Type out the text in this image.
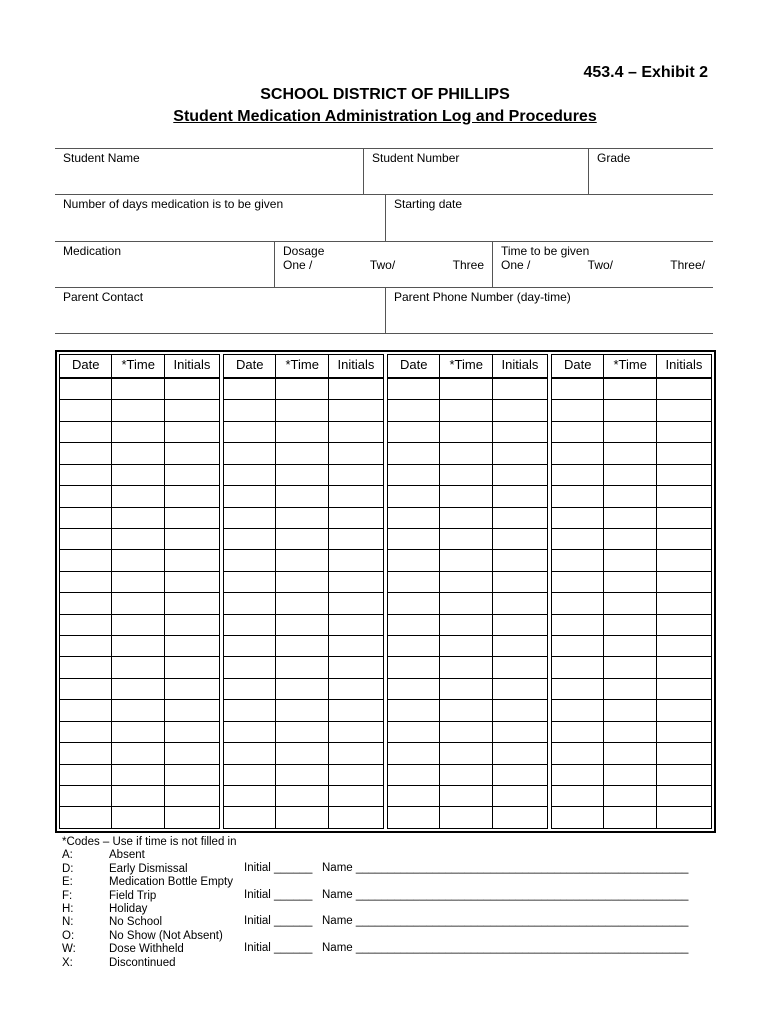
453.4 – Exhibit 2
SCHOOL DISTRICT OF PHILLIPS
Student Medication Administration Log and Procedures
Student Name	Student Number	Grade
Number of days medication is to be given	Starting date
Medication	Dosage
One /	Two/	Three
Time to be given
One /	Two/	Three/
Parent Contact	Parent Phone Number (day-time)
Date	*Time	Initials	Date	*Time	Initials	Date	*Time	Initials	Date	*Time	Initials
*Codes – Use if time is not filled in
A:	Absent
D:	Early Dismissal
E:	Medication Bottle Empty
F:	Field Trip
H:	Holiday
N:	No School
O:	No Show (Not Absent)
W:	Dose Withheld
X:	Discontinued
Initial ______ Name ____________________________________________________
Initial ______ Name ____________________________________________________
Initial ______ Name ____________________________________________________
Initial ______ Name ____________________________________________________
